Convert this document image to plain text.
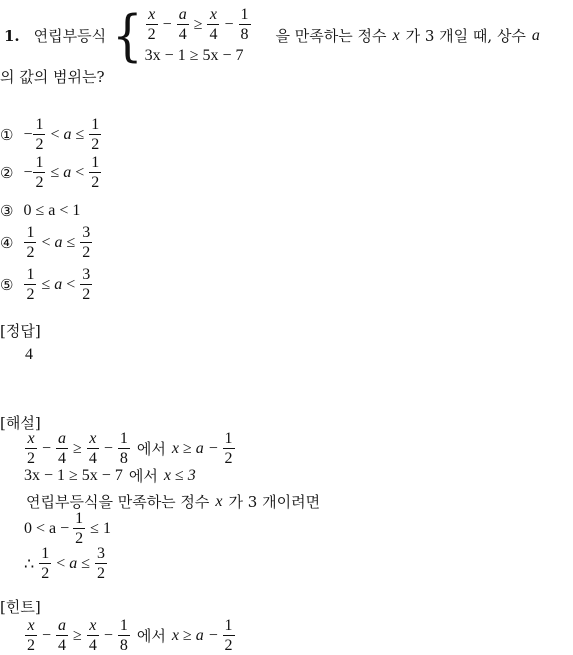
1. 연립부등식 { $\frac{x}{2} - \frac{a}{4} \ge \frac{x}{4} - \frac{1}{8}$
3x − 1 ≥ 5x − 7
을 만족하는 정수 x 가 3 개일 때, 상수 a
의 값의 범위는?
① − $\frac{1}{2} < a \le \frac{1}{2}$
② − $\frac{1}{2} \le a < \frac{1}{2}$
③ 0 ≤ a < 1
④ $\frac{1}{2} < a \le \frac{3}{2}$
⑤ $\frac{1}{2} \le a < \frac{3}{2}$
[정답]
4
[해설]
$\frac{x}{2} - \frac{a}{4} \ge \frac{x}{4} - \frac{1}{8}$ 에서 $x \ge a - \frac{1}{2}$
3x − 1 ≥ 5x − 7 에서 x ≤ 3
연립부등식을 만족하는 정수 x 가 3 개이려면
$0 < a - \frac{1}{2} \le 1$
∴ $\frac{1}{2} < a \le \frac{3}{2}$
[힌트]
$\frac{x}{2} - \frac{a}{4} \ge \frac{x}{4} - \frac{1}{8}$ 에서 $x \ge a - \frac{1}{2}$
